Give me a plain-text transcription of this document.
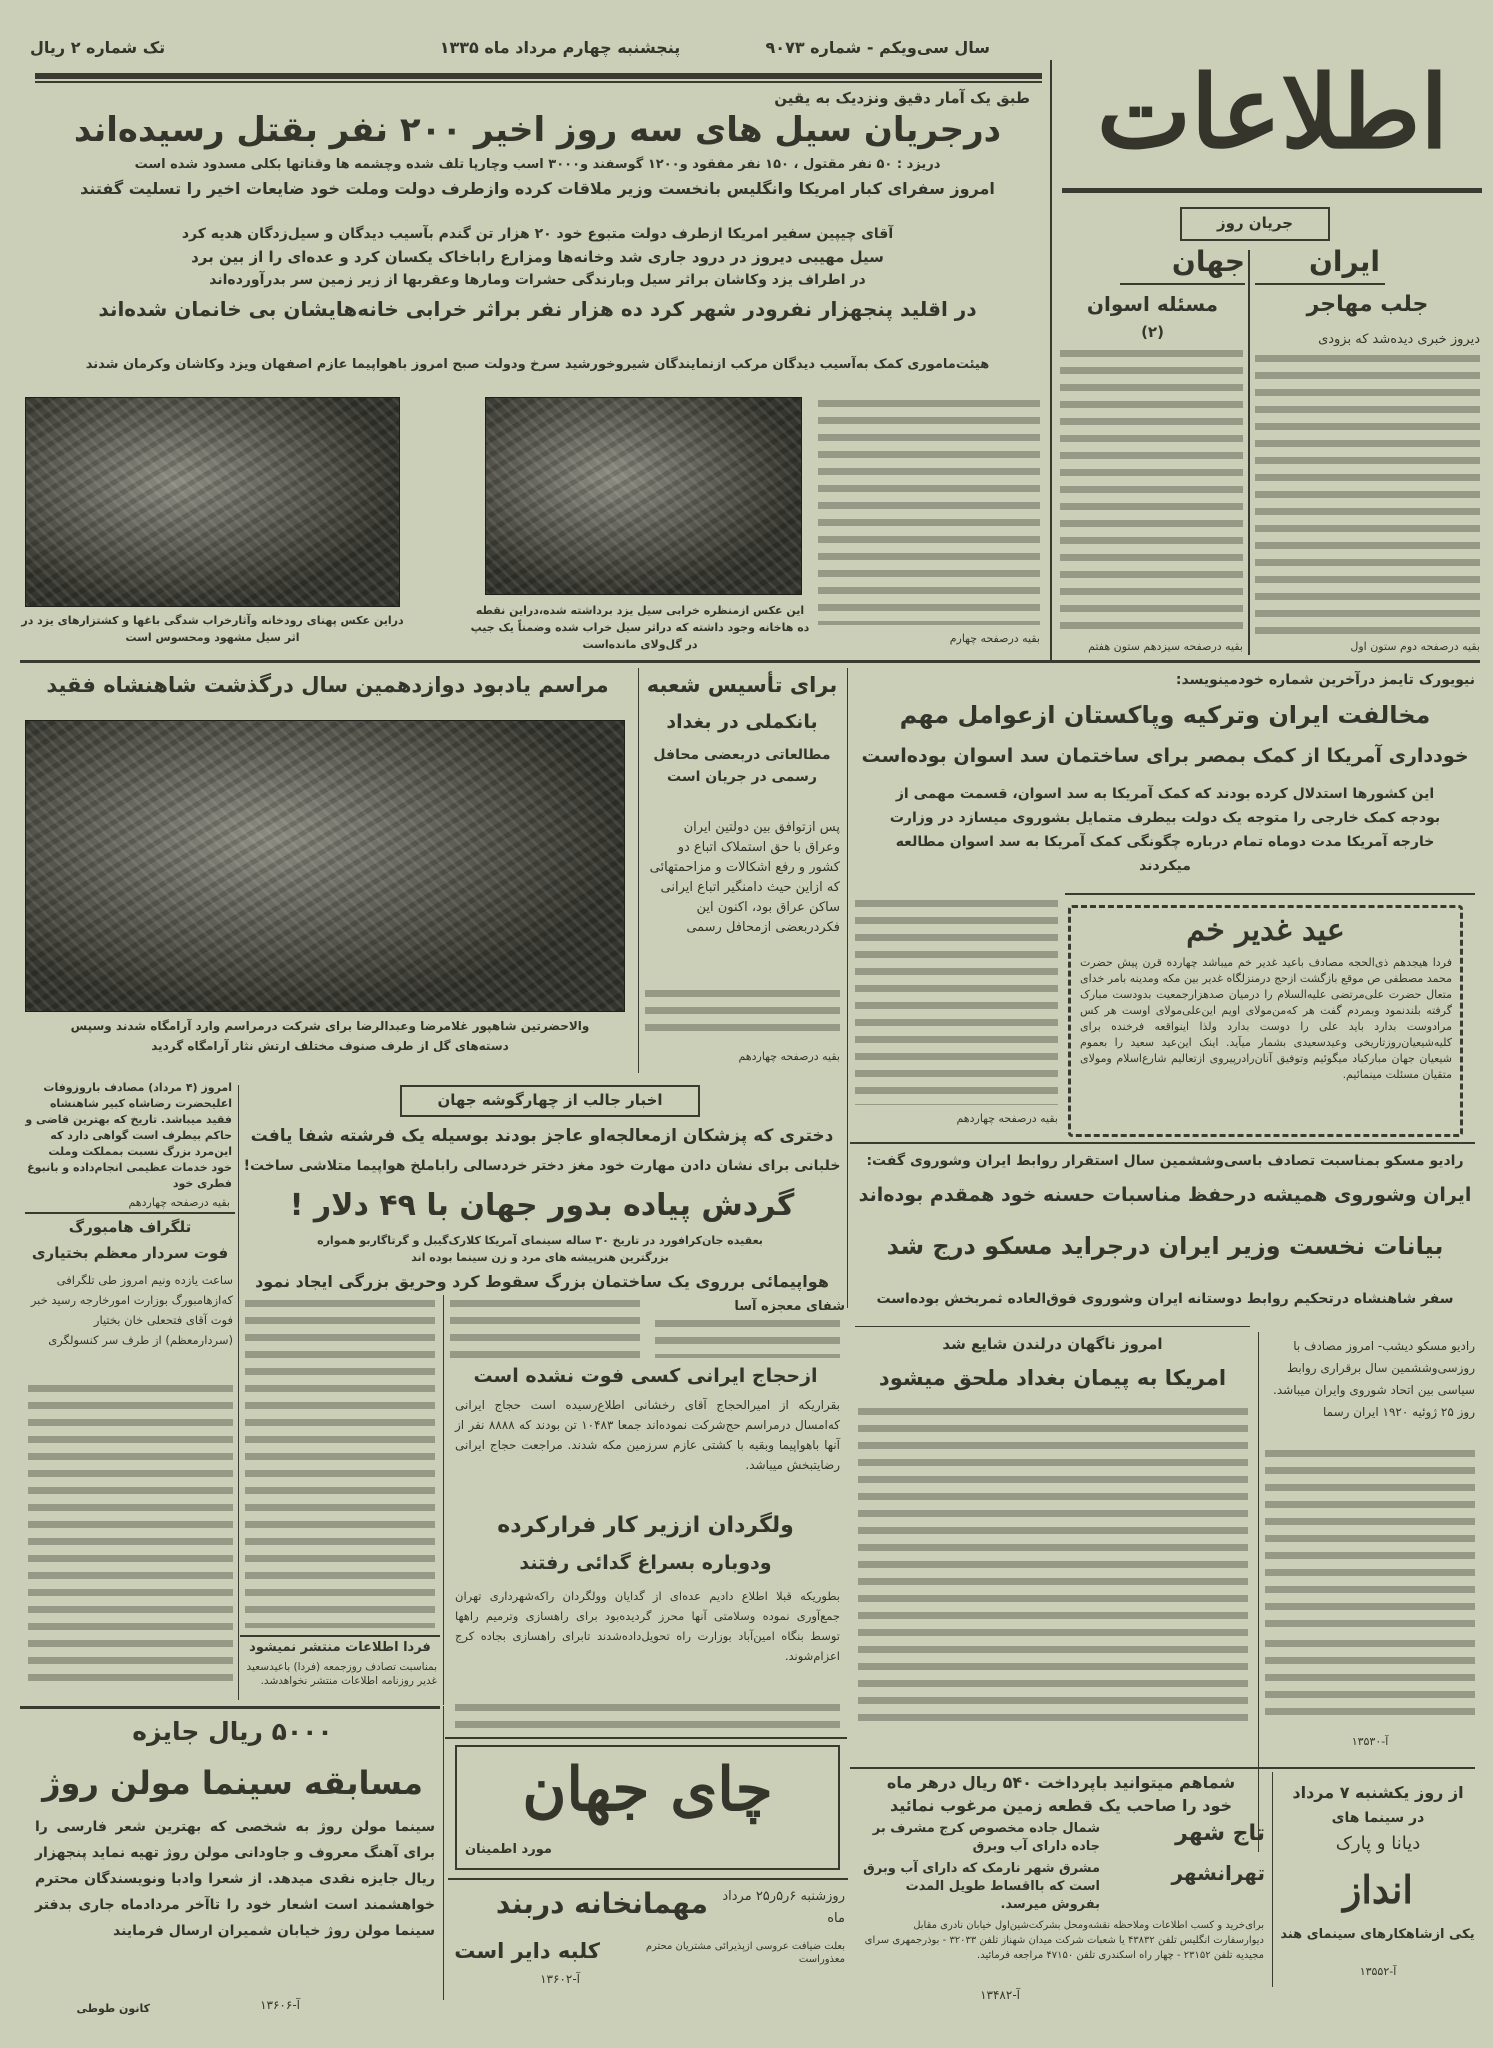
سال سی‌ویکم - شماره ۹۰۷۳
پنجشنبه چهارم مرداد ماه ۱۳۳۵
تک شماره ۲ ریال
اطلاعات
طبق یک آمار دقیق ونزدیک به یقین
درجریان سیل های سه روز اخیر ۲۰۰ نفر بقتل رسیده‌اند
دریزد : ۵۰ نفر مقتول ، ۱۵۰ نفر مفقود و۱۲۰۰ گوسفند و۳۰۰۰ اسب وچارپا تلف شده وچشمه ها وقناتها بکلی مسدود شده است
امروز سفرای کبار امریکا وانگلیس بانخست وزیر ملاقات کرده وازطرف دولت وملت خود ضایعات اخیر را تسلیت گفتند
آقای چیپین سفیر امریکا ازطرف دولت متبوع خود ۲۰ هزار تن گندم بآسیب دیدگان و سیل‌زدگان هدیه کرد
سیل مهیبی دیروز در درود جاری شد وخانه‌ها ومزارع راباخاک یکسان کرد و عده‌ای را از بین برد
در اطراف یزد وکاشان براثر سیل وبارندگی حشرات ومارها وعقربها از زیر زمین سر بدرآورده‌اند
در اقلید پنجهزار نفرودر شهر کرد ده هزار نفر براثر خرابی خانه‌هایشان بی خانمان شده‌اند
هیئت‌ماموری کمک به‌آسیب دیدگان مرکب ازنمایندگان شیروخورشید سرخ ودولت صبح امروز باهواپیما عازم اصفهان ویزد وکاشان وکرمان شدند
دراین عکس پهنای رودخانه وآثارخراب شدگی باغها و کشتزارهای یزد در اثر سیل مشهود ومحسوس است
این عکس ازمنظره خرابی سیل یزد برداشته شده،دراین نقطه ده هاخانه وجود داشته که دراثر سیل خراب شده وضمناً یک جیپ در گل‌ولای مانده‌است	بقیه درصفحه چهارم
جریان روز
ایران
جلب مهاجر
دیروز خبری دیده‌شد که بزودی
بقیه درصفحه دوم ستون اول
جهان
مسئله اسوان
(۲)
بقیه درصفحه سیزدهم ستون هفتم
مراسم یادبود دوازدهمین سال درگذشت شاهنشاه فقید
والاحضرتین شاهپور غلامرضا وعبدالرضا برای شرکت درمراسم وارد آرامگاه شدند وسپس دسته‌های گل از طرف صنوف مختلف ارتش نثار آرامگاه گردید
برای تأسیس شعبه
بانکملی در بغداد
مطالعاتی دربعضی محافل رسمی در جریان است
پس ازتوافق بین دولتین ایران وعراق با حق استملاک اتباع دو کشور و رفع اشکالات و مزاحمتهائی که ازاین حیث دامنگیر اتباع ایرانی ساکن عراق بود، اکنون این فکردربعضی ازمحافل رسمی
بقیه درصفحه چهاردهم
نیویورک تایمز درآخرین شماره خودمینویسد:
مخالفت ایران وترکیه وپاکستان ازعوامل مهم
خودداری آمریکا از کمک بمصر برای ساختمان سد اسوان بوده‌است
این کشورها استدلال کرده بودند که کمک آمریکا به سد اسوان، قسمت مهمی از بودجه کمک خارجی را متوجه یک دولت بیطرف متمایل بشوروی میسازد در وزارت خارجه آمریکا مدت دوماه تمام درباره چگونگی کمک آمریکا به سد اسوان مطالعه میکردند
بقیه درصفحه چهاردهم
عید غدیر خم
فردا هیجدهم ذی‌الحجه مصادف باعید غدیر خم میباشد چهارده قرن پیش حضرت محمد مصطفی ص موقع بازگشت ازحج درمنزلگاه غدیر بین مکه ومدینه بامر خدای متعال حضرت علی‌مرتضی علیه‌السلام را درمیان صدهزارجمعیت بدودست مبارک گرفته بلندنمود وبمردم گفت هر که‌من‌مولای اویم این‌علی‌مولای اوست هر کس مرادوست بدارد باید علی را دوست بدارد ولذا اینواقعه فرخنده برای کلیه‌شیعیان‌روزتاریخی وعیدسعیدی بشمار میآید. اینک این‌عید سعید را بعموم شیعیان جهان مبارکباد میگوئیم وتوفیق آنان‌رادرپیروی ازتعالیم شارع‌اسلام ومولای متقیان مسئلت مینمائیم.
رادیو مسکو بمناسبت تصادف باسی‌وششمین سال استقرار روابط ایران وشوروی گفت:
ایران وشوروی همیشه درحفظ مناسبات حسنه خود همقدم بوده‌اند
بیانات نخست وزیر ایران درجراید مسکو درج شد
سفر شاهنشاه درتحکیم روابط دوستانه ایران وشوروی فوق‌العاده ثمربخش بوده‌است
رادیو مسکو دیشب- امروز مصادف با روزسی‌وششمین سال برقراری روابط سیاسی بین اتحاد شوروی وایران میباشد. روز ۲۵ ژوئیه ۱۹۲۰ ایران رسما
امروز ناگهان درلندن شایع شد
امریکا به پیمان بغداد ملحق میشود
آ-۱۳۵۳۰
امروز (۴ مرداد) مصادف باروزوفات اعلیحضرت رضاشاه کبیر شاهنشاه فقید میباشد. تاریخ که بهترین قاضی و حاکم بیطرف است گواهی دارد که این‌مرد بزرگ نسبت بمملکت وملت خود خدمات عظیمی انجام‌داده و بانبوغ فطری خود
بقیه درصفحه چهاردهم
تلگراف هامبورگ
فوت سردار معظم بختیاری
ساعت یازده ونیم امروز طی تلگرافی که‌ازهامبورگ بوزارت امورخارجه رسید خبر فوت آقای فتحعلی خان بختیار (سردارمعظم) از طرف سر کنسولگری
اخبار جالب از چهارگوشه جهان
دختری که پزشکان ازمعالجه‌او عاجز بودند بوسیله یک فرشته شفا یافت
خلبانی برای نشان دادن مهارت خود مغز دختر خردسالی راباملخ هواپیما متلاشی ساخت!
گردش پیاده بدور جهان با ۴۹ دلار !
بعقیده جان‌کرافورد در تاریخ ۳۰ ساله سینمای آمریکا کلارک‌گیبل و گرتاگاربو همواره بزرگترین هنرپیشه های مرد و زن سینما بوده اند
هواپیمائی برروی یک ساختمان بزرگ سقوط کرد وحریق بزرگی ایجاد نمود
شفای معجزه آسا
فردا اطلاعات منتشر نمیشود
بمناسبت تصادف روزجمعه (فردا) باعیدسعید غدیر روزنامه اطلاعات منتشر نخواهدشد.
ازحجاج ایرانی کسی فوت نشده است
بقراریکه از امیرالحجاج آقای رخشانی اطلاع‌رسیده است حجاج ایرانی که‌امسال درمراسم حج‌شرکت نموده‌اند جمعا ۱۰۴۸۳ تن بودند که ۸۸۸۸ نفر از آنها باهواپیما وبقیه با کشتی عازم سرزمین مکه شدند. مراجعت حجاج ایرانی رضایتبخش میباشد.
ولگردان اززیر کار فرارکرده
ودوباره بسراغ گدائی رفتند
بطوریکه قبلا اطلاع دادیم عده‌ای از گدایان وولگردان راکه‌شهرداری تهران جمع‌آوری نموده وسلامتی آنها محرز گردیده‌بود برای راهسازی وترمیم راهها توسط بنگاه امین‌آباد بوزارت راه تحویل‌داده‌شدند تابرای راهسازی بجاده کرج اعزام‌شوند.
۵۰۰۰ ریال جایزه
مسابقه سینما مولن روژ
سینما مولن روژ به شخصی که بهترین شعر فارسی را برای آهنگ معروف و جاودانی مولن روژ تهیه نماید پنجهزار ریال جایزه نقدی میدهد. از شعرا وادبا ونویسندگان محترم خواهشمند است اشعار خود را تاآخر مردادماه جاری بدفتر سینما مولن روژ خیابان شمیران ارسال فرمایند
آ-۱۳۶۰۶
کانون طوطی
چای جهان
مورد اطمینان
روزشنبه ۶ر۵ر۲۵ مرداد ماه
مهمانخانه دربند
بعلت ضیافت عروسی ازپذیرائی مشتریان محترم معذوراست
کلبه دایر است
آ-۱۳۶۰۲
شماهم میتوانید باپرداخت ۵۴۰ ریال درهر ماه
خود را صاحب یک قطعه زمین مرغوب نمائید
تاج شهر
شمال جاده مخصوص کرج مشرف بر جاده دارای آب وبرق
تهرانشهر
مشرق شهر نارمک که دارای آب وبرق است که بااقساط طویل المدت بفروش میرسد.
برای‌خرید و کسب اطلاعات وملاحظه نقشه‌ومحل بشرکت‌شین‌اول خیابان نادری مقابل دیوارسفارت انگلیس تلفن ۴۳۸۳۲ یا شعبات شرکت میدان شهناز تلفن ۳۲۰۳۳ - بوذرجمهری سرای مجیدیه تلفن ۲۳۱۵۲ - چهار راه اسکندری تلفن ۴۷۱۵۰ مراجعه فرمائید.
آ-۱۳۴۸۲
از روز یکشنبه ۷ مرداد
در سینما های
دیانا و پارک
انداز
یکی ازشاهکارهای سینمای هند
آ-۱۳۵۵۲
